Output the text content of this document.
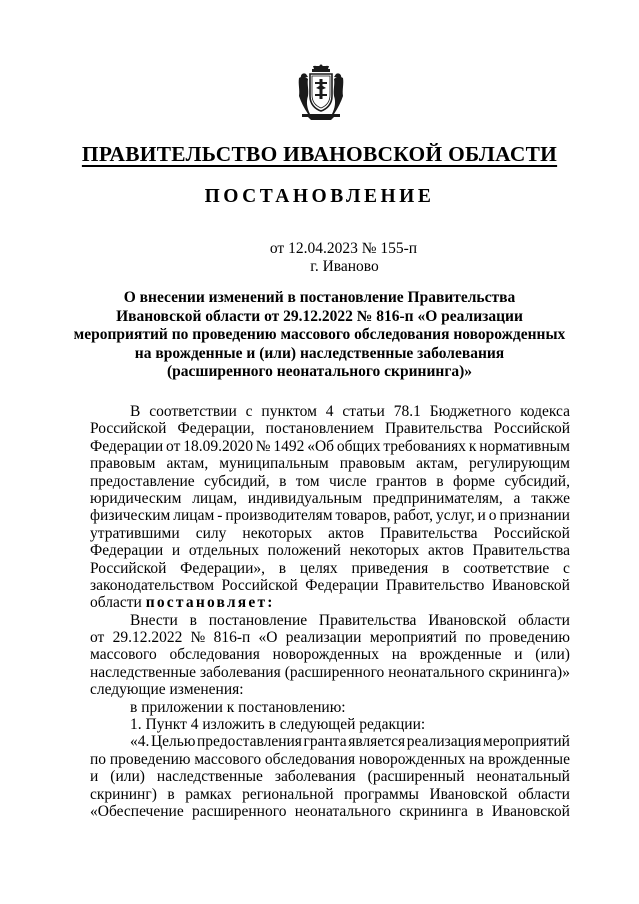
ПРАВИТЕЛЬСТВО ИВАНОВСКОЙ ОБЛАСТИ
ПОСТАНОВЛЕНИЕ
от 12.04.2023 № 155-п
г. Иваново
О внесении изменений в постановление Правительства
Ивановской области от 29.12.2022 № 816-п «О реализации
мероприятий по проведению массового обследования новорожденных
на врожденные и (или) наследственные заболевания
(расширенного неонатального скрининга)»
В соответствии с пунктом 4 статьи 78.1 Бюджетного кодекса
Российской Федерации, постановлением Правительства Российской
Федерации от 18.09.2020 № 1492 «Об общих требованиях к нормативным
правовым актам, муниципальным правовым актам, регулирующим
предоставление субсидий, в том числе грантов в форме субсидий,
юридическим лицам, индивидуальным предпринимателям, а также
физическим лицам - производителям товаров, работ, услуг, и о признании
утратившими силу некоторых актов Правительства Российской
Федерации и отдельных положений некоторых актов Правительства
Российской Федерации», в целях приведения в соответствие с
законодательством Российской Федерации Правительство Ивановской
области постановляет:
Внести в постановление Правительства Ивановской области
от 29.12.2022 № 816-п «О реализации мероприятий по проведению
массового обследования новорожденных на врожденные и (или)
наследственные заболевания (расширенного неонатального скрининга)»
следующие изменения:
в приложении к постановлению:
1. Пункт 4 изложить в следующей редакции:
«4. Целью предоставления гранта является реализация мероприятий
по проведению массового обследования новорожденных на врожденные
и (или) наследственные заболевания (расширенный неонатальный
скрининг) в рамках региональной программы Ивановской области
«Обеспечение расширенного неонатального скрининга в Ивановской
